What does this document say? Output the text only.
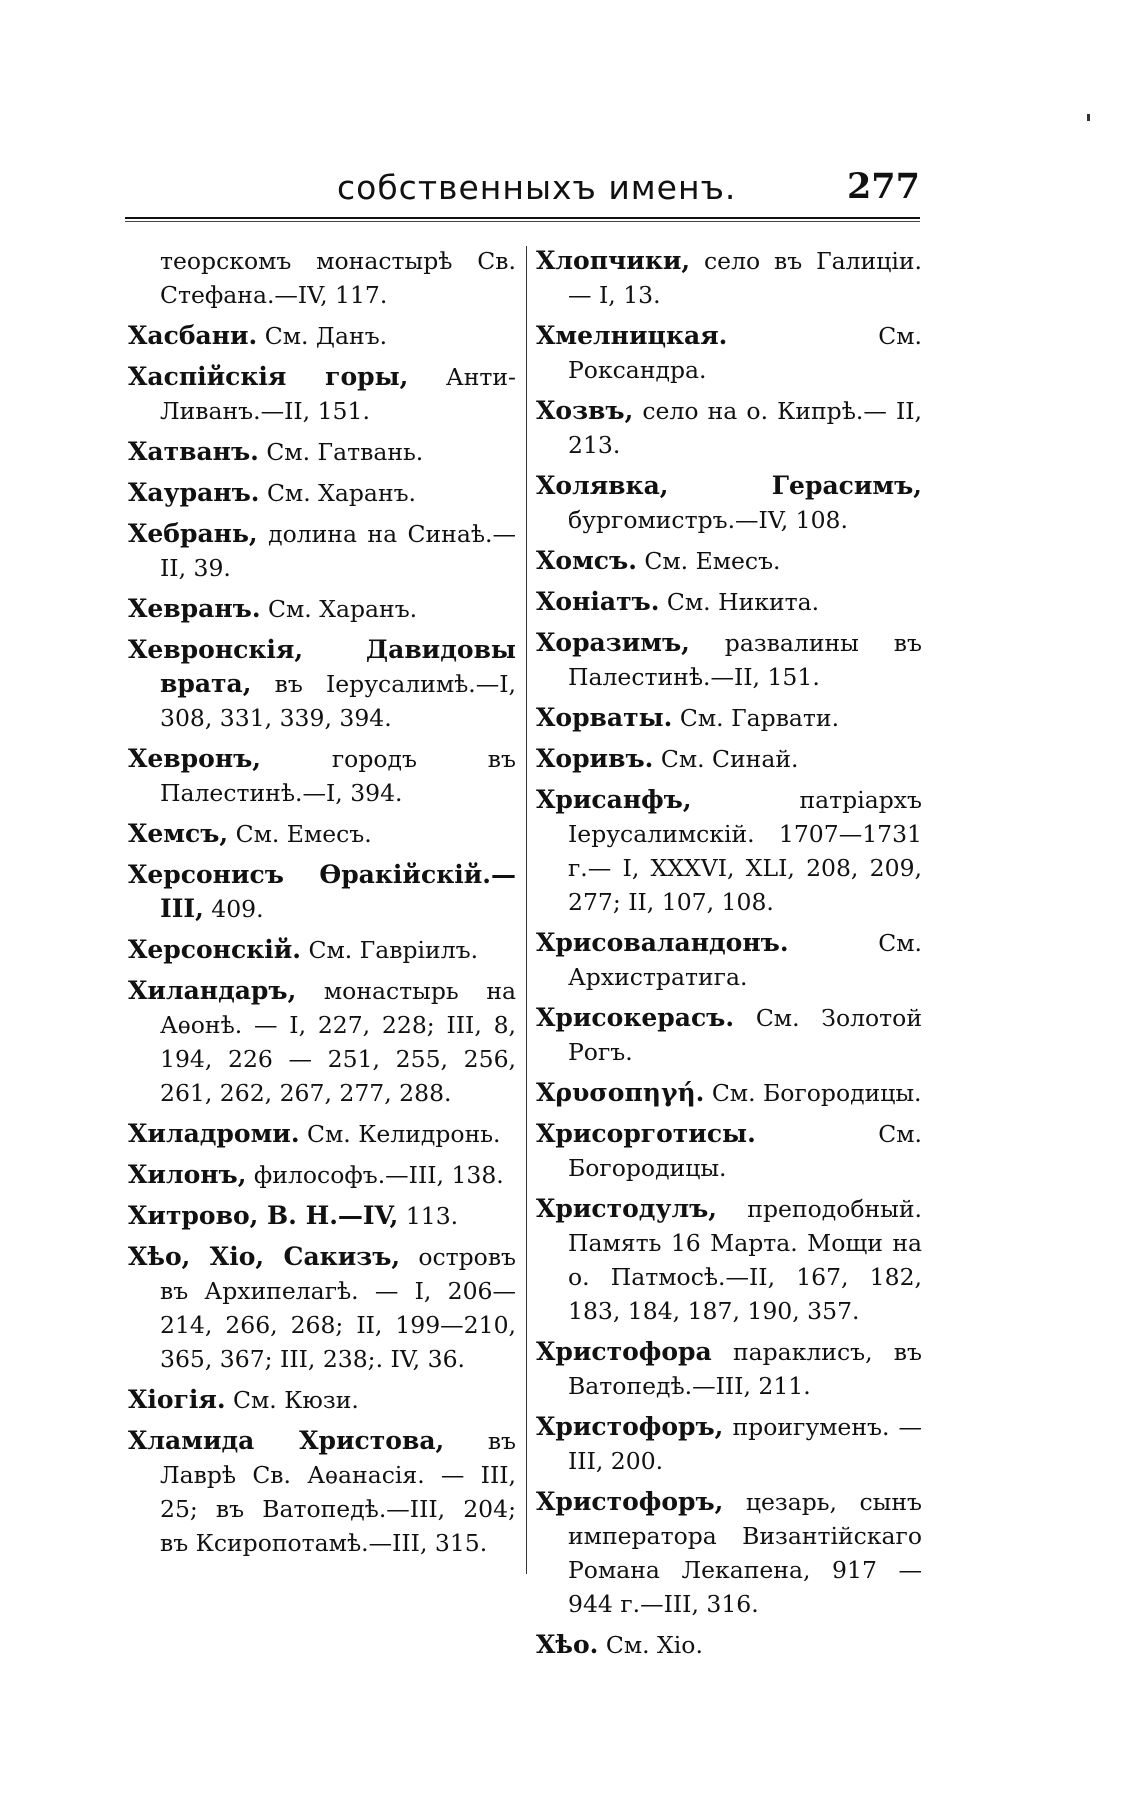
собственныхъ именъ.	277
теорскомъ монастырѣ Св. Стефана.—IV, 117.
Хасбани. См. Данъ.
Хаспійскія горы, Анти-Ливанъ.—II, 151.
Хатванъ. См. Гатвань.
Хауранъ. См. Харанъ.
Хебрань, долина на Синаѣ.—II, 39.
Хевранъ. См. Харанъ.
Хевронскія, Давидовы врата, въ Іерусалимѣ.—I, 308, 331, 339, 394.
Хевронъ,	городъ въ Палестинѣ.—I, 394.
Хемсъ, См. Емесъ.
Херсонисъ Ѳракійскій.—III, 409.
Херсонскій. См. Гавріилъ.
Хиландаръ, монастырь на Аѳонѣ. — I, 227, 228; III, 8, 194, 226 — 251, 255, 256, 261, 262, 267, 277, 288.
Хиладроми. См. Келидронь.
Хилонъ, философъ.—III, 138.
Хитрово, В. Н.—IV, 113.
Хѣо, Хіо, Сакизъ, островъ въ Архипелагѣ. — I, 206—214, 266, 268; II, 199—210, 365, 367; III, 238;. IV, 36.
Хіогія. См. Кюзи.
Хламида Христова, въ Лаврѣ Св. Аѳанасія. — III, 25; въ Ватопедѣ.—III, 204; въ Ксиропотамѣ.—III, 315.
Хлопчики, село въ Галиціи.— I, 13.
Хмелницкая.	См. Роксандра.
Хозвъ, село на о. Кипрѣ.— II, 213.
Холявка, Герасимъ, бургомистръ.—IV, 108.
Хомсъ. См. Емесъ.
Хоніатъ. См. Никита.
Хоразимъ, развалины въ Палестинѣ.—II, 151.
Хорваты. См. Гарвати.
Хоривъ. См. Синай.
Хрисанфъ,	патріархъ Іерусалимскій. 1707—1731 г.— I, XXXVI, XLI, 208, 209, 277; II, 107, 108.
Хрисоваландонъ.	См. Архистратига.
Хрисокерасъ. См. Золотой Рогъ.
Χρυσοπηγή. См. Богородицы.
Хрисорготисы.	См. Богородицы.
Христодулъ, преподобный. Память 16 Марта. Мощи на о. Патмосѣ.—II, 167, 182, 183, 184, 187, 190, 357.
Христофора параклисъ, въ Ватопедѣ.—III, 211.
Христофоръ, проигуменъ. — III, 200.
Христофоръ, цезарь, сынъ императора Византійскаго Романа Лекапена, 917 — 944 г.—III, 316.
Хѣо. См. Хіо.
